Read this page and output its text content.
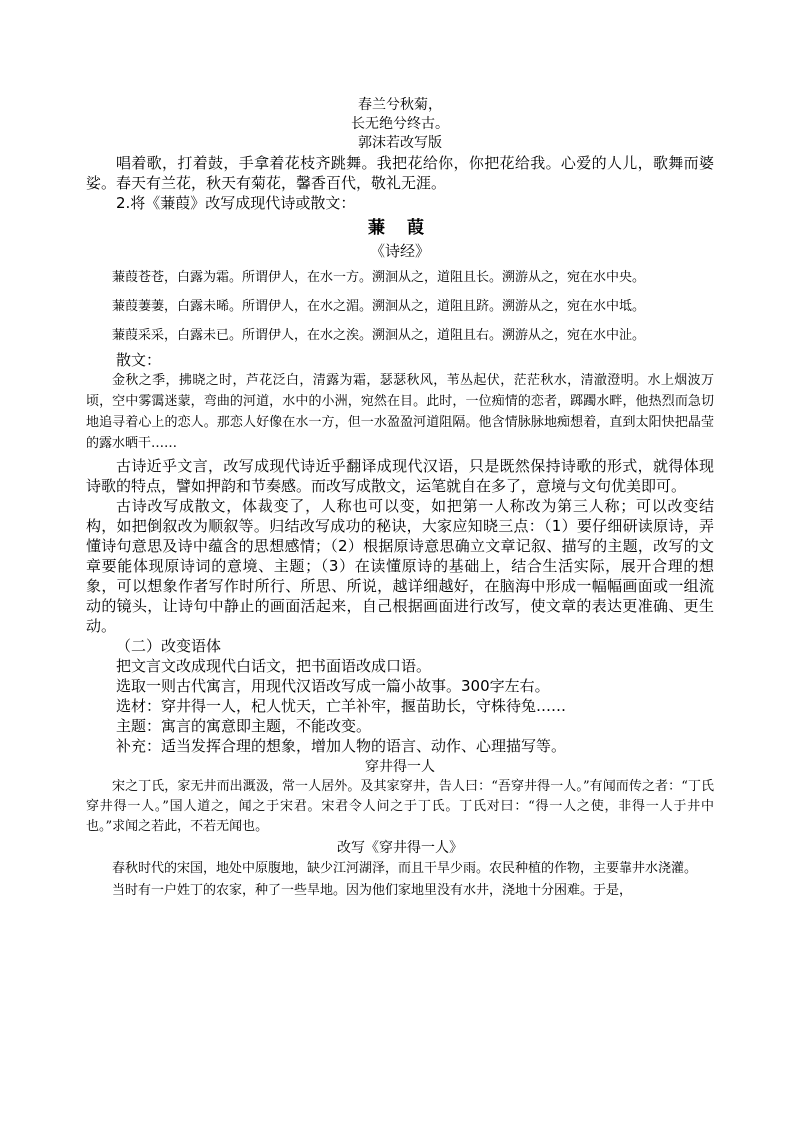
春兰兮秋菊，
长无绝兮终古。
郭沫若改写版

唱着歌，打着鼓，手拿着花枝齐跳舞。我把花给你，你把花给我。心爱的人儿，歌舞而婆娑。春天有兰花，秋天有菊花，馨香百代，敬礼无涯。

2.将《蒹葭》改写成现代诗或散文：
蒹 葭
《诗经》

蒹葭苍苍，白露为霜。所谓伊人，在水一方。溯洄从之，道阻且长。溯游从之，宛在水中央。

蒹葭萋萋，白露未晞。所谓伊人，在水之湄。溯洄从之，道阻且跻。溯游从之，宛在水中坻。

蒹葭采采，白露未已。所谓伊人，在水之涘。溯洄从之，道阻且右。溯游从之，宛在水中沚。

散文：

金秋之季，拂晓之时，芦花泛白，清露为霜，瑟瑟秋风，苇丛起伏，茫茫秋水，清澈澄明。水上烟波万顷，空中雾霭迷蒙，弯曲的河道，水中的小洲，宛然在目。此时，一位痴情的恋者，踯躅水畔，他热烈而急切地追寻着心上的恋人。那恋人好像在水一方，但一水盈盈河道阻隔。他含情脉脉地痴想着，直到太阳快把晶莹的露水晒干……

古诗近乎文言，改写成现代诗近乎翻译成现代汉语，只是既然保持诗歌的形式，就得体现诗歌的特点，譬如押韵和节奏感。而改写成散文，运笔就自在多了，意境与文句优美即可。

古诗改写成散文，体裁变了，人称也可以变，如把第一人称改为第三人称；可以改变结构，如把倒叙改为顺叙等。归结改写成功的秘诀，大家应知晓三点：（1）要仔细研读原诗，弄懂诗句意思及诗中蕴含的思想感情；（2）根据原诗意思确立文章记叙、描写的主题，改写的文章要能体现原诗词的意境、主题；（3）在读懂原诗的基础上，结合生活实际，展开合理的想象，可以想象作者写作时所行、所思、所说，越详细越好，在脑海中形成一幅幅画面或一组流动的镜头，让诗句中静止的画面活起来，自己根据画面进行改写，使文章的表达更准确、更生动。

（二）改变语体
把文言文改成现代白话文，把书面语改成口语。
选取一则古代寓言，用现代汉语改写成一篇小故事。300字左右。
选材：穿井得一人，杞人忧天，亡羊补牢，揠苗助长，守株待兔……
主题：寓言的寓意即主题，不能改变。
补充：适当发挥合理的想象，增加人物的语言、动作、心理描写等。
穿井得一人

宋之丁氏，家无井而出溉汲，常一人居外。及其家穿井，告人曰：“吾穿井得一人。”有闻而传之者：“丁氏穿井得一人。”国人道之，闻之于宋君。宋君令人问之于丁氏。丁氏对曰：“得一人之使，非得一人于井中也。”求闻之若此，不若无闻也。

改写《穿井得一人》

春秋时代的宋国，地处中原腹地，缺少江河湖泽，而且干旱少雨。农民种植的作物，主要靠井水浇灌。

当时有一户姓丁的农家，种了一些旱地。因为他们家地里没有水井，浇地十分困难。于是，
